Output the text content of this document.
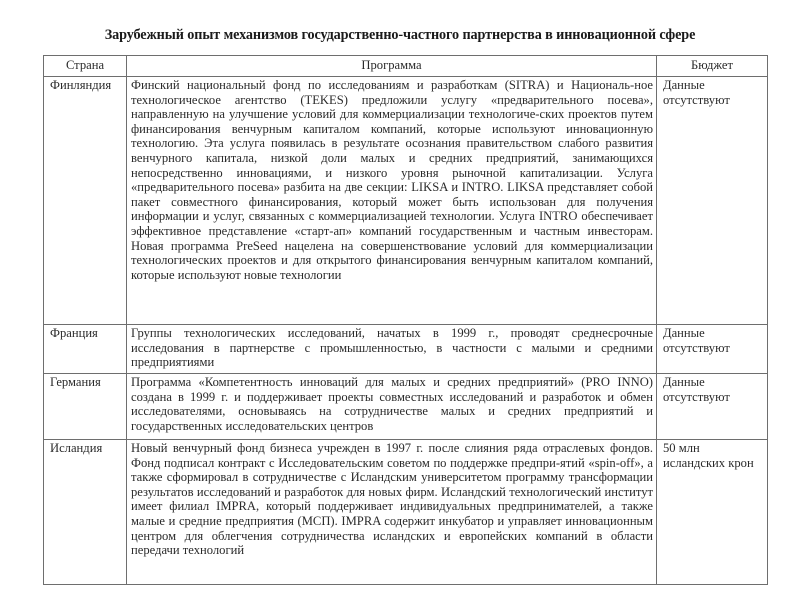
Зарубежный опыт механизмов государственно-частного партнерства в инновационной сфере
Страна	Программа	Бюджет
Финляндия	Финский национальный фонд по исследованиям и разработкам (SITRA) и Националь-ное технологическое агентство (TEKES) предложили услугу «предварительного посева», направленную на улучшение условий для коммерциализации технологиче-ских проектов путем финансирования венчурным капиталом компаний, которые используют инновационную технологию. Эта услуга появилась в результате осознания правительством слабого развития венчурного капитала, низкой доли малых и средних предприятий, занимающихся непосредственно инновациями, и низкого уровня рыночной капитализации. Услуга «предварительного посева» разбита на две секции: LIKSA и INTRO. LIKSA представляет собой пакет совместного финансирования, который может быть использован для получения информации и услуг, связанных с коммерциализацией технологии. Услуга INTRO обеспечивает эффективное представление «старт-ап» компаний государственным и частным инвесторам. Новая программа PreSeed нацелена на совершенствование условий для коммерциализации технологических проектов и для открытого финансирования венчурным капиталом компаний, которые используют новые технологии	Данные отсутствуют
Франция	Группы технологических исследований, начатых в 1999 г., проводят среднесрочные исследования в партнерстве с промышленностью, в частности с малыми и средними предприятиями	Данные отсутствуют
Германия	Программа «Компетентность инноваций для малых и средних предприятий» (PRO INNO) создана в 1999 г. и поддерживает проекты совместных исследований и разработок и обмен исследователями, основываясь на сотрудничестве малых и средних предприятий и государственных исследовательских центров	Данные отсутствуют
Исландия	Новый венчурный фонд бизнеса учрежден в 1997 г. после слияния ряда отраслевых фондов. Фонд подписал контракт с Исследовательским советом по поддержке предпри-ятий «spin-off», а также сформировал в сотрудничестве с Исландским университетом программу трансформации результатов исследований и разработок для новых фирм. Исландский технологический институт имеет филиал IMPRA, который поддерживает индивидуальных предпринимателей, а также малые и средние предприятия (МСП). IMPRA содержит инкубатор и управляет инновационным центром для облегчения сотрудничества исландских и европейских компаний в области передачи технологий	50 млн исландских крон
